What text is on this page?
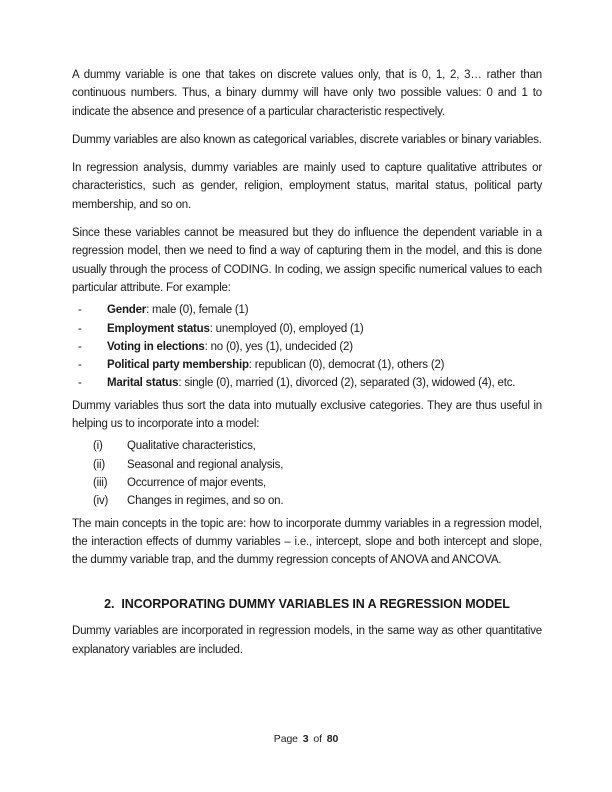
A dummy variable is one that takes on discrete values only, that is 0, 1, 2, 3… rather than continuous numbers. Thus, a binary dummy will have only two possible values: 0 and 1 to indicate the absence and presence of a particular characteristic respectively.

Dummy variables are also known as categorical variables, discrete variables or binary variables.

In regression analysis, dummy variables are mainly used to capture qualitative attributes or characteristics, such as gender, religion, employment status, marital status, political party membership, and so on.

Since these variables cannot be measured but they do influence the dependent variable in a regression model, then we need to find a way of capturing them in the model, and this is done usually through the process of CODING. In coding, we assign specific numerical values to each particular attribute. For example:

- Gender: male (0), female (1)
- Employment status: unemployed (0), employed (1)
- Voting in elections: no (0), yes (1), undecided (2)
- Political party membership: republican (0), democrat (1), others (2)
- Marital status: single (0), married (1), divorced (2), separated (3), widowed (4), etc.

Dummy variables thus sort the data into mutually exclusive categories. They are thus useful in helping us to incorporate into a model:

(i) Qualitative characteristics,
(ii) Seasonal and regional analysis,
(iii) Occurrence of major events,
(iv) Changes in regimes, and so on.

The main concepts in the topic are: how to incorporate dummy variables in a regression model, the interaction effects of dummy variables – i.e., intercept, slope and both intercept and slope, the dummy variable trap, and the dummy regression concepts of ANOVA and ANCOVA.

2. INCORPORATING DUMMY VARIABLES IN A REGRESSION MODEL

Dummy variables are incorporated in regression models, in the same way as other quantitative explanatory variables are included.

Page 3 of 80
